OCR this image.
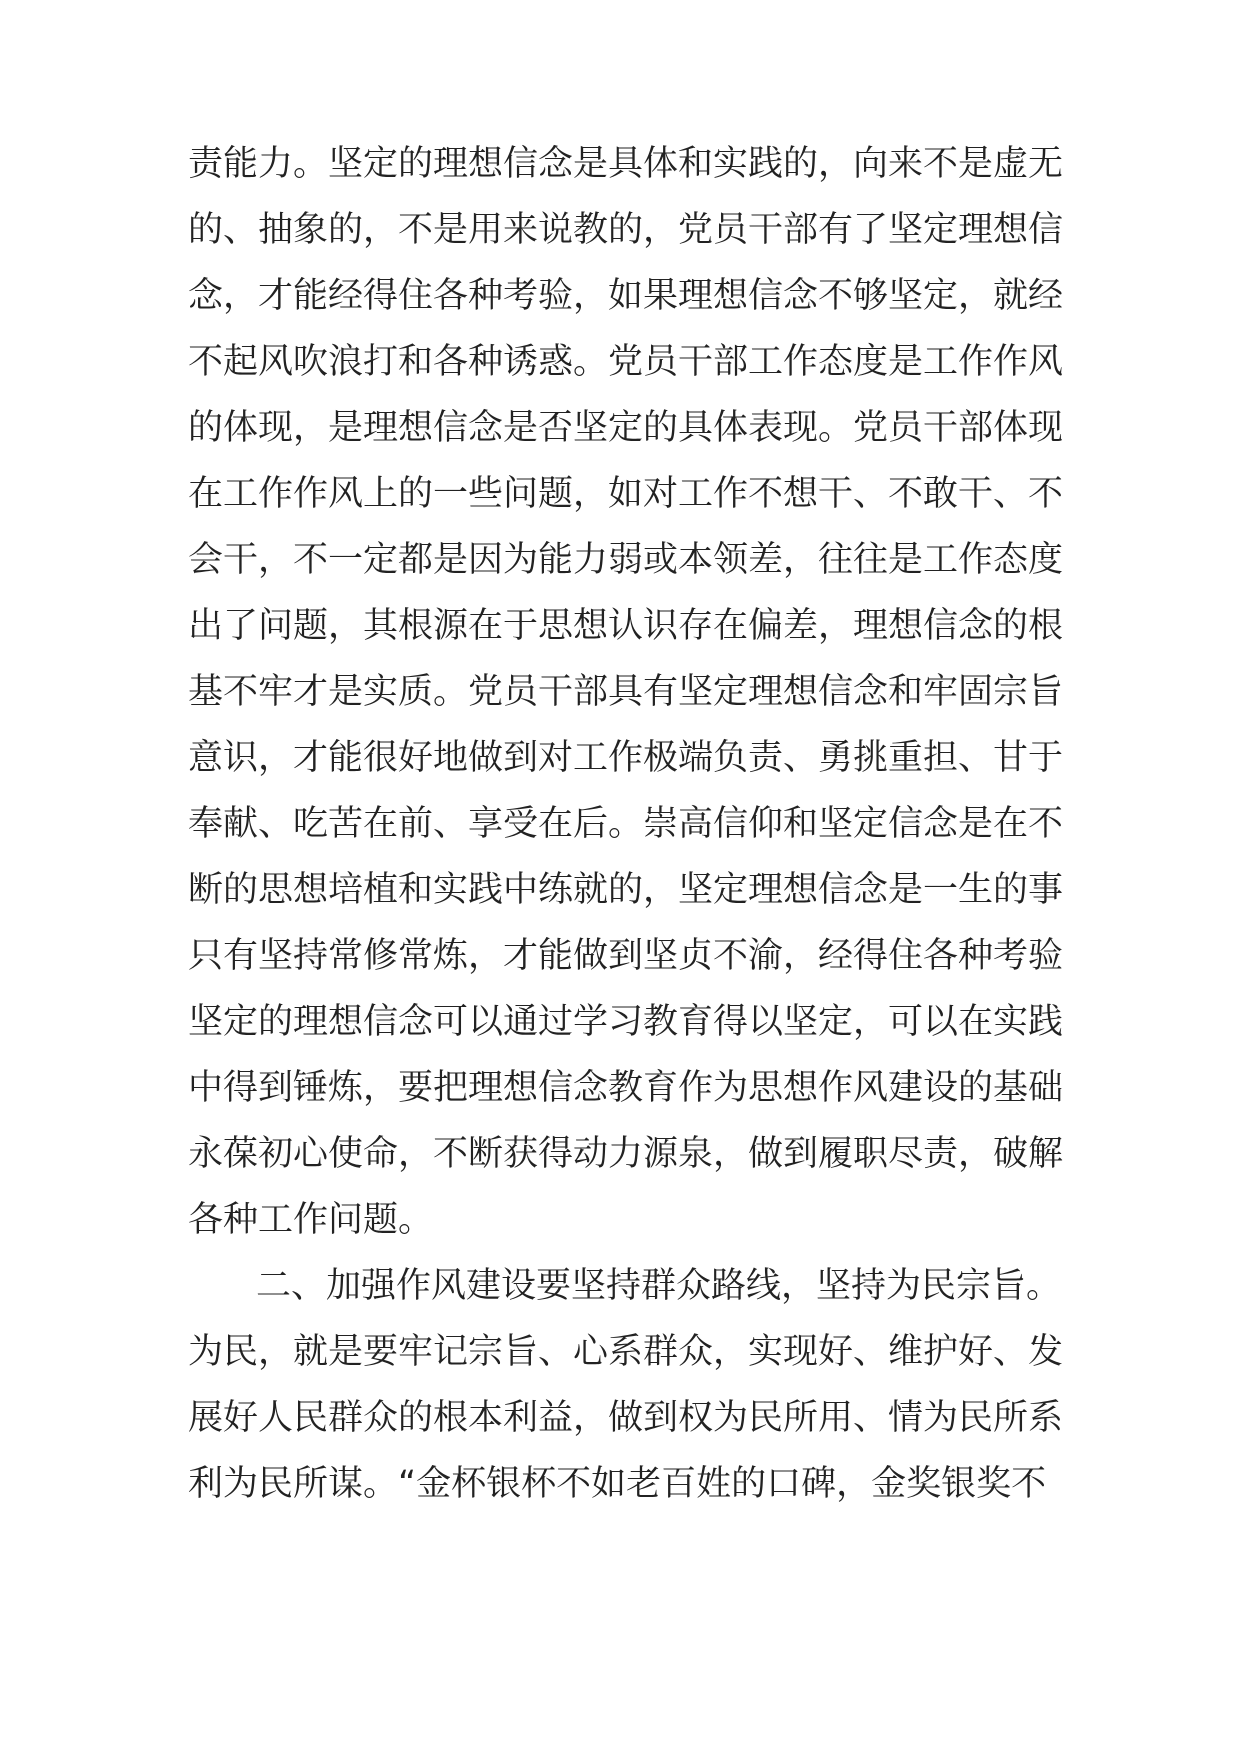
责能力。坚定的理想信念是具体和实践的，向来不是虚无
的、抽象的，不是用来说教的，党员干部有了坚定理想信
念，才能经得住各种考验，如果理想信念不够坚定，就经
不起风吹浪打和各种诱惑。党员干部工作态度是工作作风
的体现，是理想信念是否坚定的具体表现。党员干部体现
在工作作风上的一些问题，如对工作不想干、不敢干、不
会干，不一定都是因为能力弱或本领差，往往是工作态度
出了问题，其根源在于思想认识存在偏差，理想信念的根
基不牢才是实质。党员干部具有坚定理想信念和牢固宗旨
意识，才能很好地做到对工作极端负责、勇挑重担、甘于
奉献、吃苦在前、享受在后。崇高信仰和坚定信念是在不
断的思想培植和实践中练就的，坚定理想信念是一生的事
只有坚持常修常炼，才能做到坚贞不渝，经得住各种考验
坚定的理想信念可以通过学习教育得以坚定，可以在实践
中得到锤炼，要把理想信念教育作为思想作风建设的基础
永葆初心使命，不断获得动力源泉，做到履职尽责，破解
各种工作问题。
二、加强作风建设要坚持群众路线，坚持为民宗旨。
为民，就是要牢记宗旨、心系群众，实现好、维护好、发
展好人民群众的根本利益，做到权为民所用、情为民所系
利为民所谋。“金杯银杯不如老百姓的口碑，金奖银奖不
